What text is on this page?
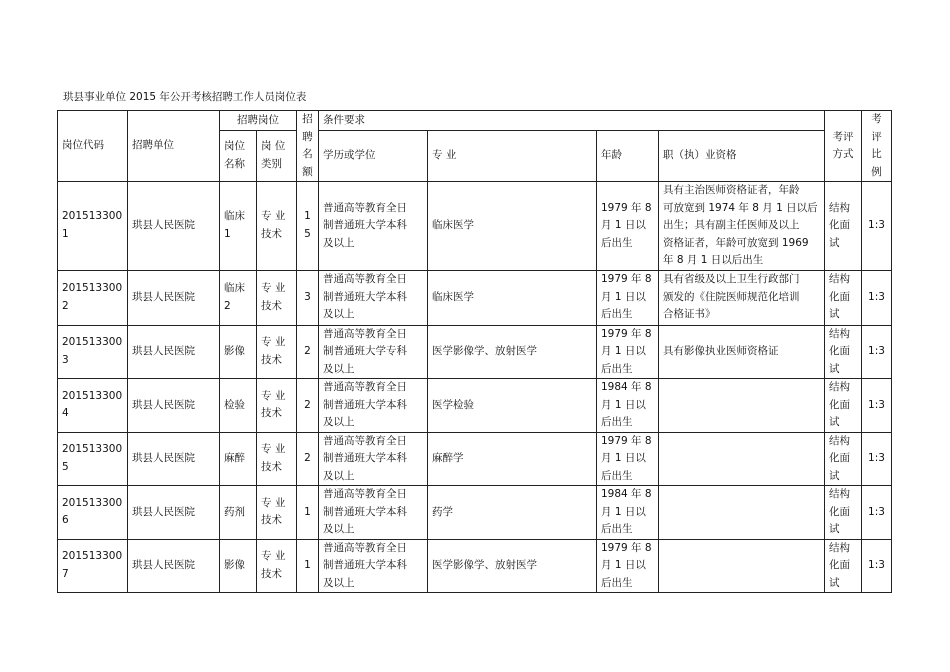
珙县事业单位 2015 年公开考核招聘工作人员岗位表
岗位代码	招聘单位	招聘岗位		招
聘
名
额	条件要求				考评
方式	考
评
比
例
		岗位
名称	岗 位
类别		学历或学位	专 业	年龄	职（执）业资格		
201513300
1	珙县人民医院	临床
1	专 业
技术	1
5	普通高等教育全日
制普通班大学本科
及以上	临床医学	1979 年 8
月 1 日以
后出生	具有主治医师资格证者，年龄
可放宽到 1974 年 8 月 1 日以后
出生；具有副主任医师及以上
资格证者，年龄可放宽到 1969
年 8 月 1 日以后出生	结构
化面
试	1:3
201513300
2	珙县人民医院	临床
2	专 业
技术	3	普通高等教育全日
制普通班大学本科
及以上	临床医学	1979 年 8
月 1 日以
后出生	具有省级及以上卫生行政部门
颁发的《住院医师规范化培训
合格证书》	结构
化面
试	1:3
201513300
3	珙县人民医院	影像	专 业
技术	2	普通高等教育全日
制普通班大学专科
及以上	医学影像学、放射医学	1979 年 8
月 1 日以
后出生	具有影像执业医师资格证	结构
化面
试	1:3
201513300
4	珙县人民医院	检验	专 业
技术	2	普通高等教育全日
制普通班大学本科
及以上	医学检验	1984 年 8
月 1 日以
后出生		结构
化面
试	1:3
201513300
5	珙县人民医院	麻醉	专 业
技术	2	普通高等教育全日
制普通班大学本科
及以上	麻醉学	1979 年 8
月 1 日以
后出生		结构
化面
试	1:3
201513300
6	珙县人民医院	药剂	专 业
技术	1	普通高等教育全日
制普通班大学本科
及以上	药学	1984 年 8
月 1 日以
后出生		结构
化面
试	1:3
201513300
7	珙县人民医院	影像	专 业
技术	1	普通高等教育全日
制普通班大学本科
及以上	医学影像学、放射医学	1979 年 8
月 1 日以
后出生		结构
化面
试	1:3
